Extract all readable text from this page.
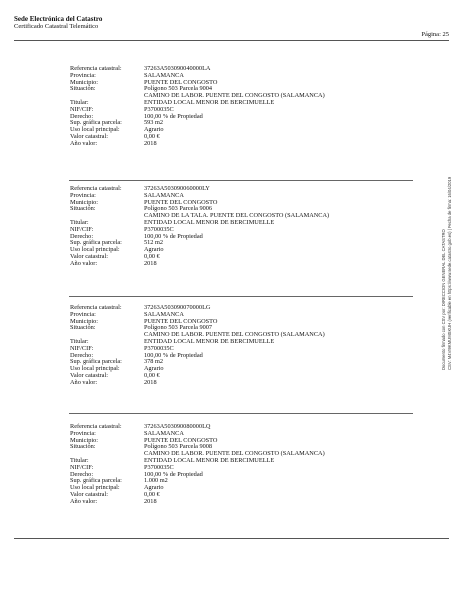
Sede Electrónica del Catastro
Certificado Catastral Telemático
Página: 25
Referencia catastral:	37263A503090040000LA
Provincia:	SALAMANCA
Municipio:	PUENTE DEL CONGOSTO
Situación:	Polígono 503 Parcela 9004
CAMINO DE LABOR. PUENTE DEL CONGOSTO (SALAMANCA)
Titular:	ENTIDAD LOCAL MENOR DE BERCIMUELLE
NIF/CIF:	P3700035C
Derecho:	100,00 % de Propiedad
Sup. gráfica parcela:	593 m2
Uso local principal:	Agrario
Valor catastral:	0,00 €
Año valor:	2018
Referencia catastral:	37263A503090060000LY
Provincia:	SALAMANCA
Municipio:	PUENTE DEL CONGOSTO
Situación:	Polígono 503 Parcela 9006
CAMINO DE LA TALA. PUENTE DEL CONGOSTO (SALAMANCA)
Titular:	ENTIDAD LOCAL MENOR DE BERCIMUELLE
NIF/CIF:	P3700035C
Derecho:	100,00 % de Propiedad
Sup. gráfica parcela:	512 m2
Uso local principal:	Agrario
Valor catastral:	0,00 €
Año valor:	2018
Referencia catastral:	37263A503090070000LG
Provincia:	SALAMANCA
Municipio:	PUENTE DEL CONGOSTO
Situación:	Polígono 503 Parcela 9007
CAMINO DE LABOR. PUENTE DEL CONGOSTO (SALAMANCA)
Titular:	ENTIDAD LOCAL MENOR DE BERCIMUELLE
NIF/CIF:	P3700035C
Derecho:	100,00 % de Propiedad
Sup. gráfica parcela:	378 m2
Uso local principal:	Agrario
Valor catastral:	0,00 €
Año valor:	2018
Referencia catastral:	37263A503090080000LQ
Provincia:	SALAMANCA
Municipio:	PUENTE DEL CONGOSTO
Situación:	Polígono 503 Parcela 9008
CAMINO DE LABOR. PUENTE DEL CONGOSTO (SALAMANCA)
Titular:	ENTIDAD LOCAL MENOR DE BERCIMUELLE
NIF/CIF:	P3700035C
Derecho:	100,00 % de Propiedad
Sup. gráfica parcela:	1.000 m2
Uso local principal:	Agrario
Valor catastral:	0,00 €
Año valor:	2018
Documento firmado con CSV por: DIRECCION GENERAL DEL CATASTRO CSV: M4VI9KMUMSKUH (verificable en https://www.sede.catastro.gob.es) | Fecha de firma: 16/04/2019
